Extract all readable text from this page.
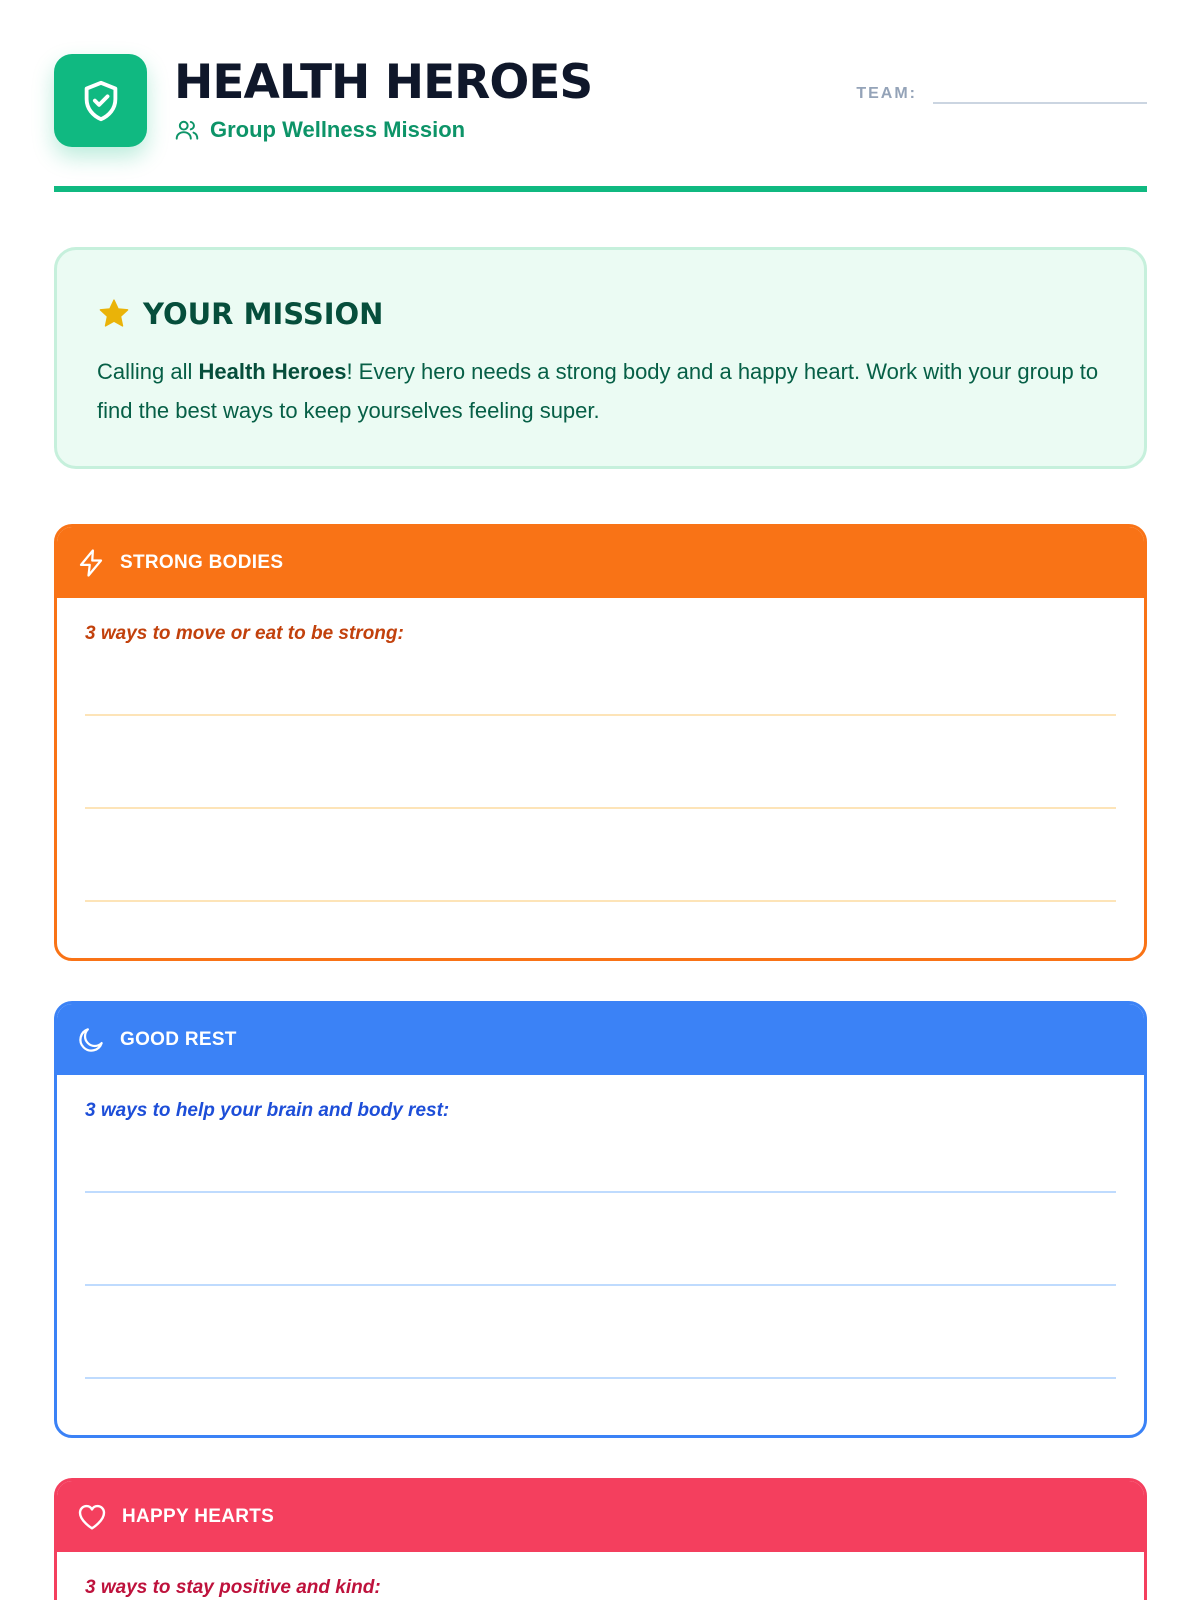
HEALTH HEROES
Group Wellness Mission
TEAM:
YOUR MISSION

Calling all Health Heroes! Every hero needs a strong body and a happy heart. Work with your group to find the best ways to keep yourselves feeling super.

STRONG BODIES

3 ways to move or eat to be strong:

GOOD REST

3 ways to help your brain and body rest:

HAPPY HEARTS

3 ways to stay positive and kind:
